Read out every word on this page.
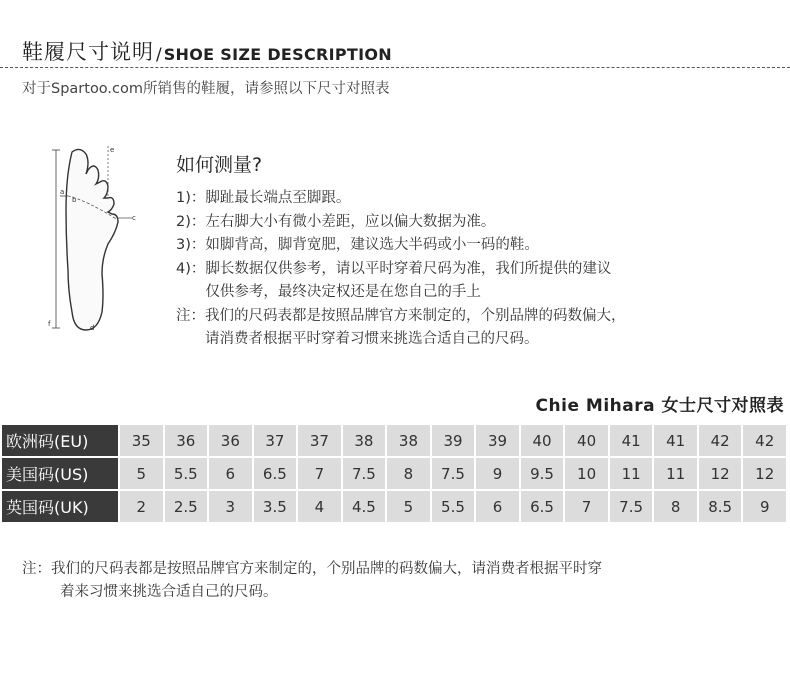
鞋履尺寸说明 / SHOE SIZE DESCRIPTION
对于Spartoo.com所销售的鞋履，请参照以下尺寸对照表
e
a
b
c
d
f
如何测量?
1)： 脚趾最长端点至脚跟。
2)： 左右脚大小有微小差距，应以偏大数据为准。
3)： 如脚背高，脚背宽肥，建议选大半码或小一码的鞋。
4)： 脚长数据仅供参考，请以平时穿着尺码为准，我们所提供的建议
仅供参考，最终决定权还是在您自己的手上
注： 我们的尺码表都是按照品牌官方来制定的，个别品牌的码数偏大，
请消费者根据平时穿着习惯来挑选合适自己的尺码。
Chie Mihara 女士尺寸对照表
欧洲码(EU)	35	36	36	37	37	38	38	39	39	40	40	41	41	42	42
美国码(US)	5	5.5	6	6.5	7	7.5	8	7.5	9	9.5	10	11	11	12	12
英国码(UK)	2	2.5	3	3.5	4	4.5	5	5.5	6	6.5	7	7.5	8	8.5	9
注： 我们的尺码表都是按照品牌官方来制定的，个别品牌的码数偏大，请消费者根据平时穿
着来习惯来挑选合适自己的尺码。
